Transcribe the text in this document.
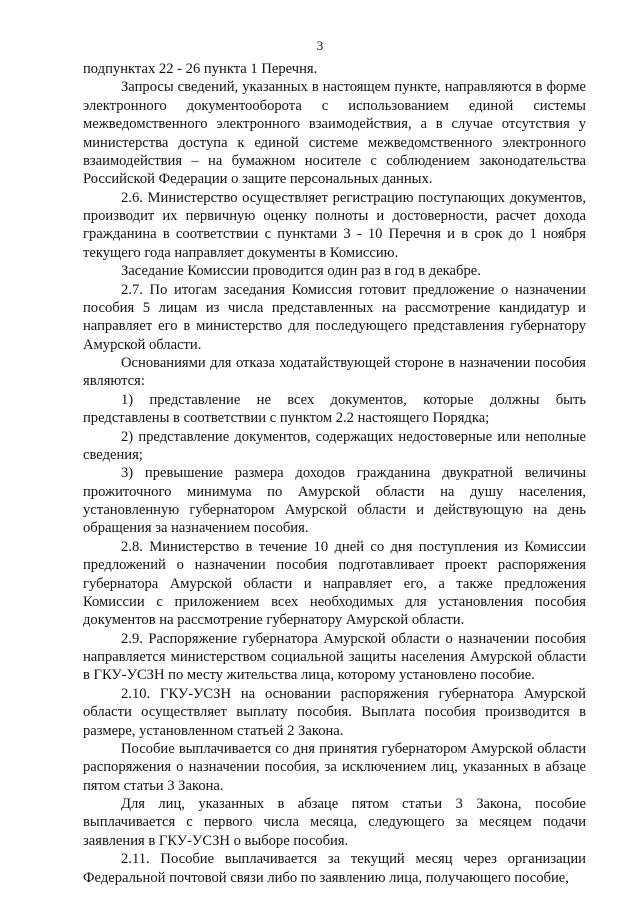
3

подпунктах 22 - 26 пункта 1 Перечня.

Запросы сведений, указанных в настоящем пункте, направляются в форме электронного документооборота с использованием единой системы межведомственного электронного взаимодействия, а в случае отсутствия у министерства доступа к единой системе межведомственного электронного взаимодействия – на бумажном носителе с соблюдением законодательства Российской Федерации о защите персональных данных.

2.6. Министерство осуществляет регистрацию поступающих документов, производит их первичную оценку полноты и достоверности, расчет дохода гражданина в соответствии с пунктами 3 - 10 Перечня и в срок до 1 ноября текущего года направляет документы в Комиссию.

Заседание Комиссии проводится один раз в год в декабре.

2.7. По итогам заседания Комиссия готовит предложение о назначении пособия 5 лицам из числа представленных на рассмотрение кандидатур и направляет его в министерство для последующего представления губернатору Амурской области.

Основаниями для отказа ходатайствующей стороне в назначении пособия являются:

1) представление не всех документов, которые должны быть представлены в соответствии с пунктом 2.2 настоящего Порядка;

2) представление документов, содержащих недостоверные или неполные сведения;

3) превышение размера доходов гражданина двукратной величины прожиточного минимума по Амурской области на душу населения, установленную губернатором Амурской области и действующую на день обращения за назначением пособия.

2.8. Министерство в течение 10 дней со дня поступления из Комиссии предложений о назначении пособия подготавливает проект распоряжения губернатора Амурской области и направляет его, а также предложения Комиссии с приложением всех необходимых для установления пособия документов на рассмотрение губернатору Амурской области.

2.9. Распоряжение губернатора Амурской области о назначении пособия направляется министерством социальной защиты населения Амурской области в ГКУ-УСЗН по месту жительства лица, которому установлено пособие.

2.10. ГКУ-УСЗН на основании распоряжения губернатора Амурской области осуществляет выплату пособия. Выплата пособия производится в размере, установленном статьей 2 Закона.

Пособие выплачивается со дня принятия губернатором Амурской области распоряжения о назначении пособия, за исключением лиц, указанных в абзаце пятом статьи 3 Закона.

Для лиц, указанных в абзаце пятом статьи 3 Закона, пособие выплачивается с первого числа месяца, следующего за месяцем подачи заявления в ГКУ-УСЗН о выборе пособия.

2.11. Пособие выплачивается за текущий месяц через организации Федеральной почтовой связи либо по заявлению лица, получающего пособие,
